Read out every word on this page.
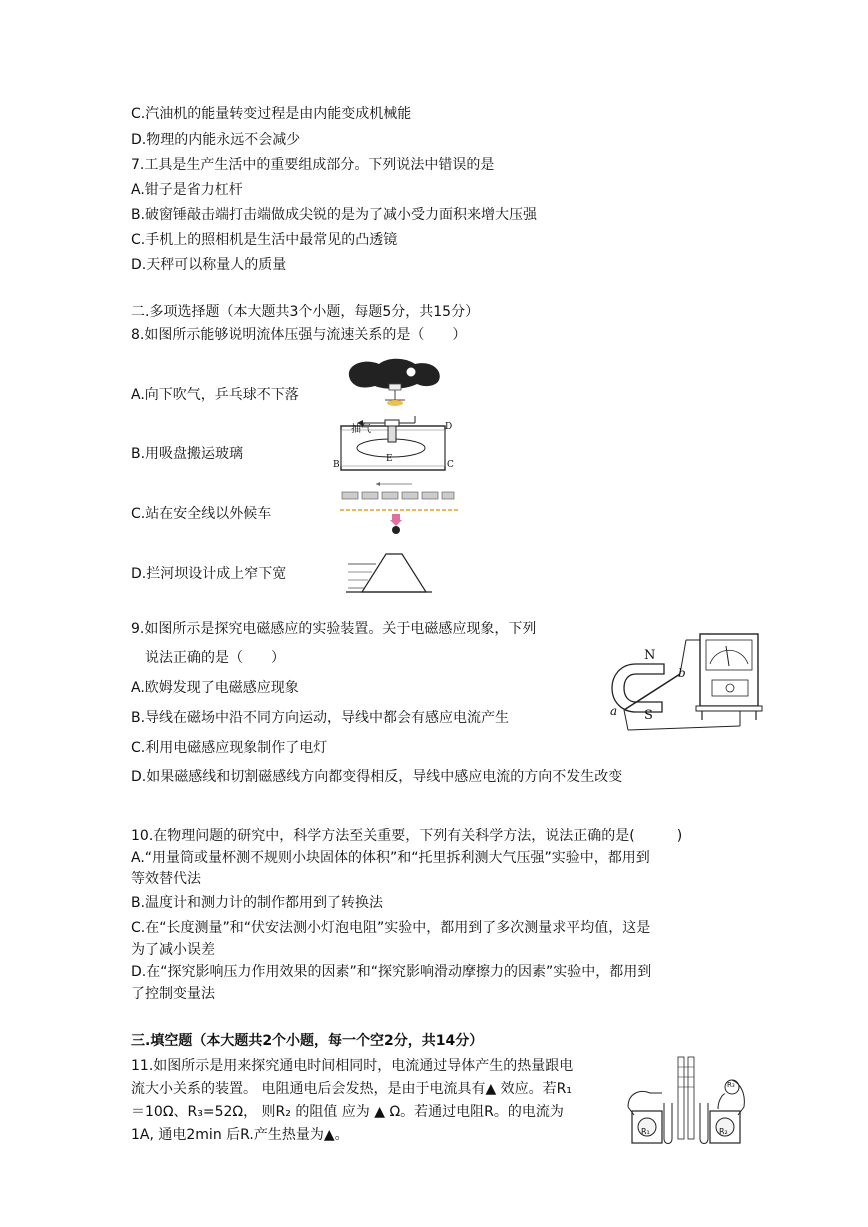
C.汽油机的能量转变过程是由内能变成机械能
D.物理的内能永远不会减少
7.工具是生产生活中的重要组成部分。下列说法中错误的是
A.钳子是省力杠杆
B.破窗锤敲击端打击端做成尖锐的是为了减小受力面积来增大压强
C.手机上的照相机是生活中最常见的凸透镜
D.天秤可以称量人的质量
二.多项选择题（本大题共3个小题，每题5分，共15分）
8.如图所示能够说明流体压强与流速关系的是（　　）
A.向下吹气，乒乓球不下落
B.用吸盘搬运玻璃
C.站在安全线以外候车
D.拦河坝设计成上窄下宽
抽气	D
B	C
E
9.如图所示是探究电磁感应的实验装置。关于电磁感应现象，下列
说法正确的是（　　）
A.欧姆发现了电磁感应现象
B.导线在磁场中沿不同方向运动，导线中都会有感应电流产生
C.利用电磁感应现象制作了电灯
D.如果磁感线和切割磁感线方向都变得相反，导线中感应电流的方向不发生改变
N
S
a
b
10.在物理问题的研究中，科学方法至关重要，下列有关科学方法，说法正确的是(　　　)
A.“用量筒或量杯测不规则小块固体的体积”和“托里拆利测大气压强”实验中，都用到
等效替代法
B.温度计和测力计的制作都用到了转换法
C.在“长度测量”和“伏安法测小灯泡电阻”实验中，都用到了多次测量求平均值，这是
为了减小误差
D.在“探究影响压力作用效果的因素”和“探究影响滑动摩擦力的因素”实验中，都用到
了控制变量法
三.填空题（本大题共2个小题，每一个空2分，共14分）
11.如图所示是用来探究通电时间相同时，电流通过导体产生的热量跟电
流大小关系的装置。 电阻通电后会发热，是由于电流具有▲ 效应。若R₁
＝10Ω、R₃=52Ω， 则R₂ 的阻值 应为 ▲ Ω。若通过电阻R。的电流为
1A, 通电2min 后R.产生热量为▲。	R₁	R₂
R₃
